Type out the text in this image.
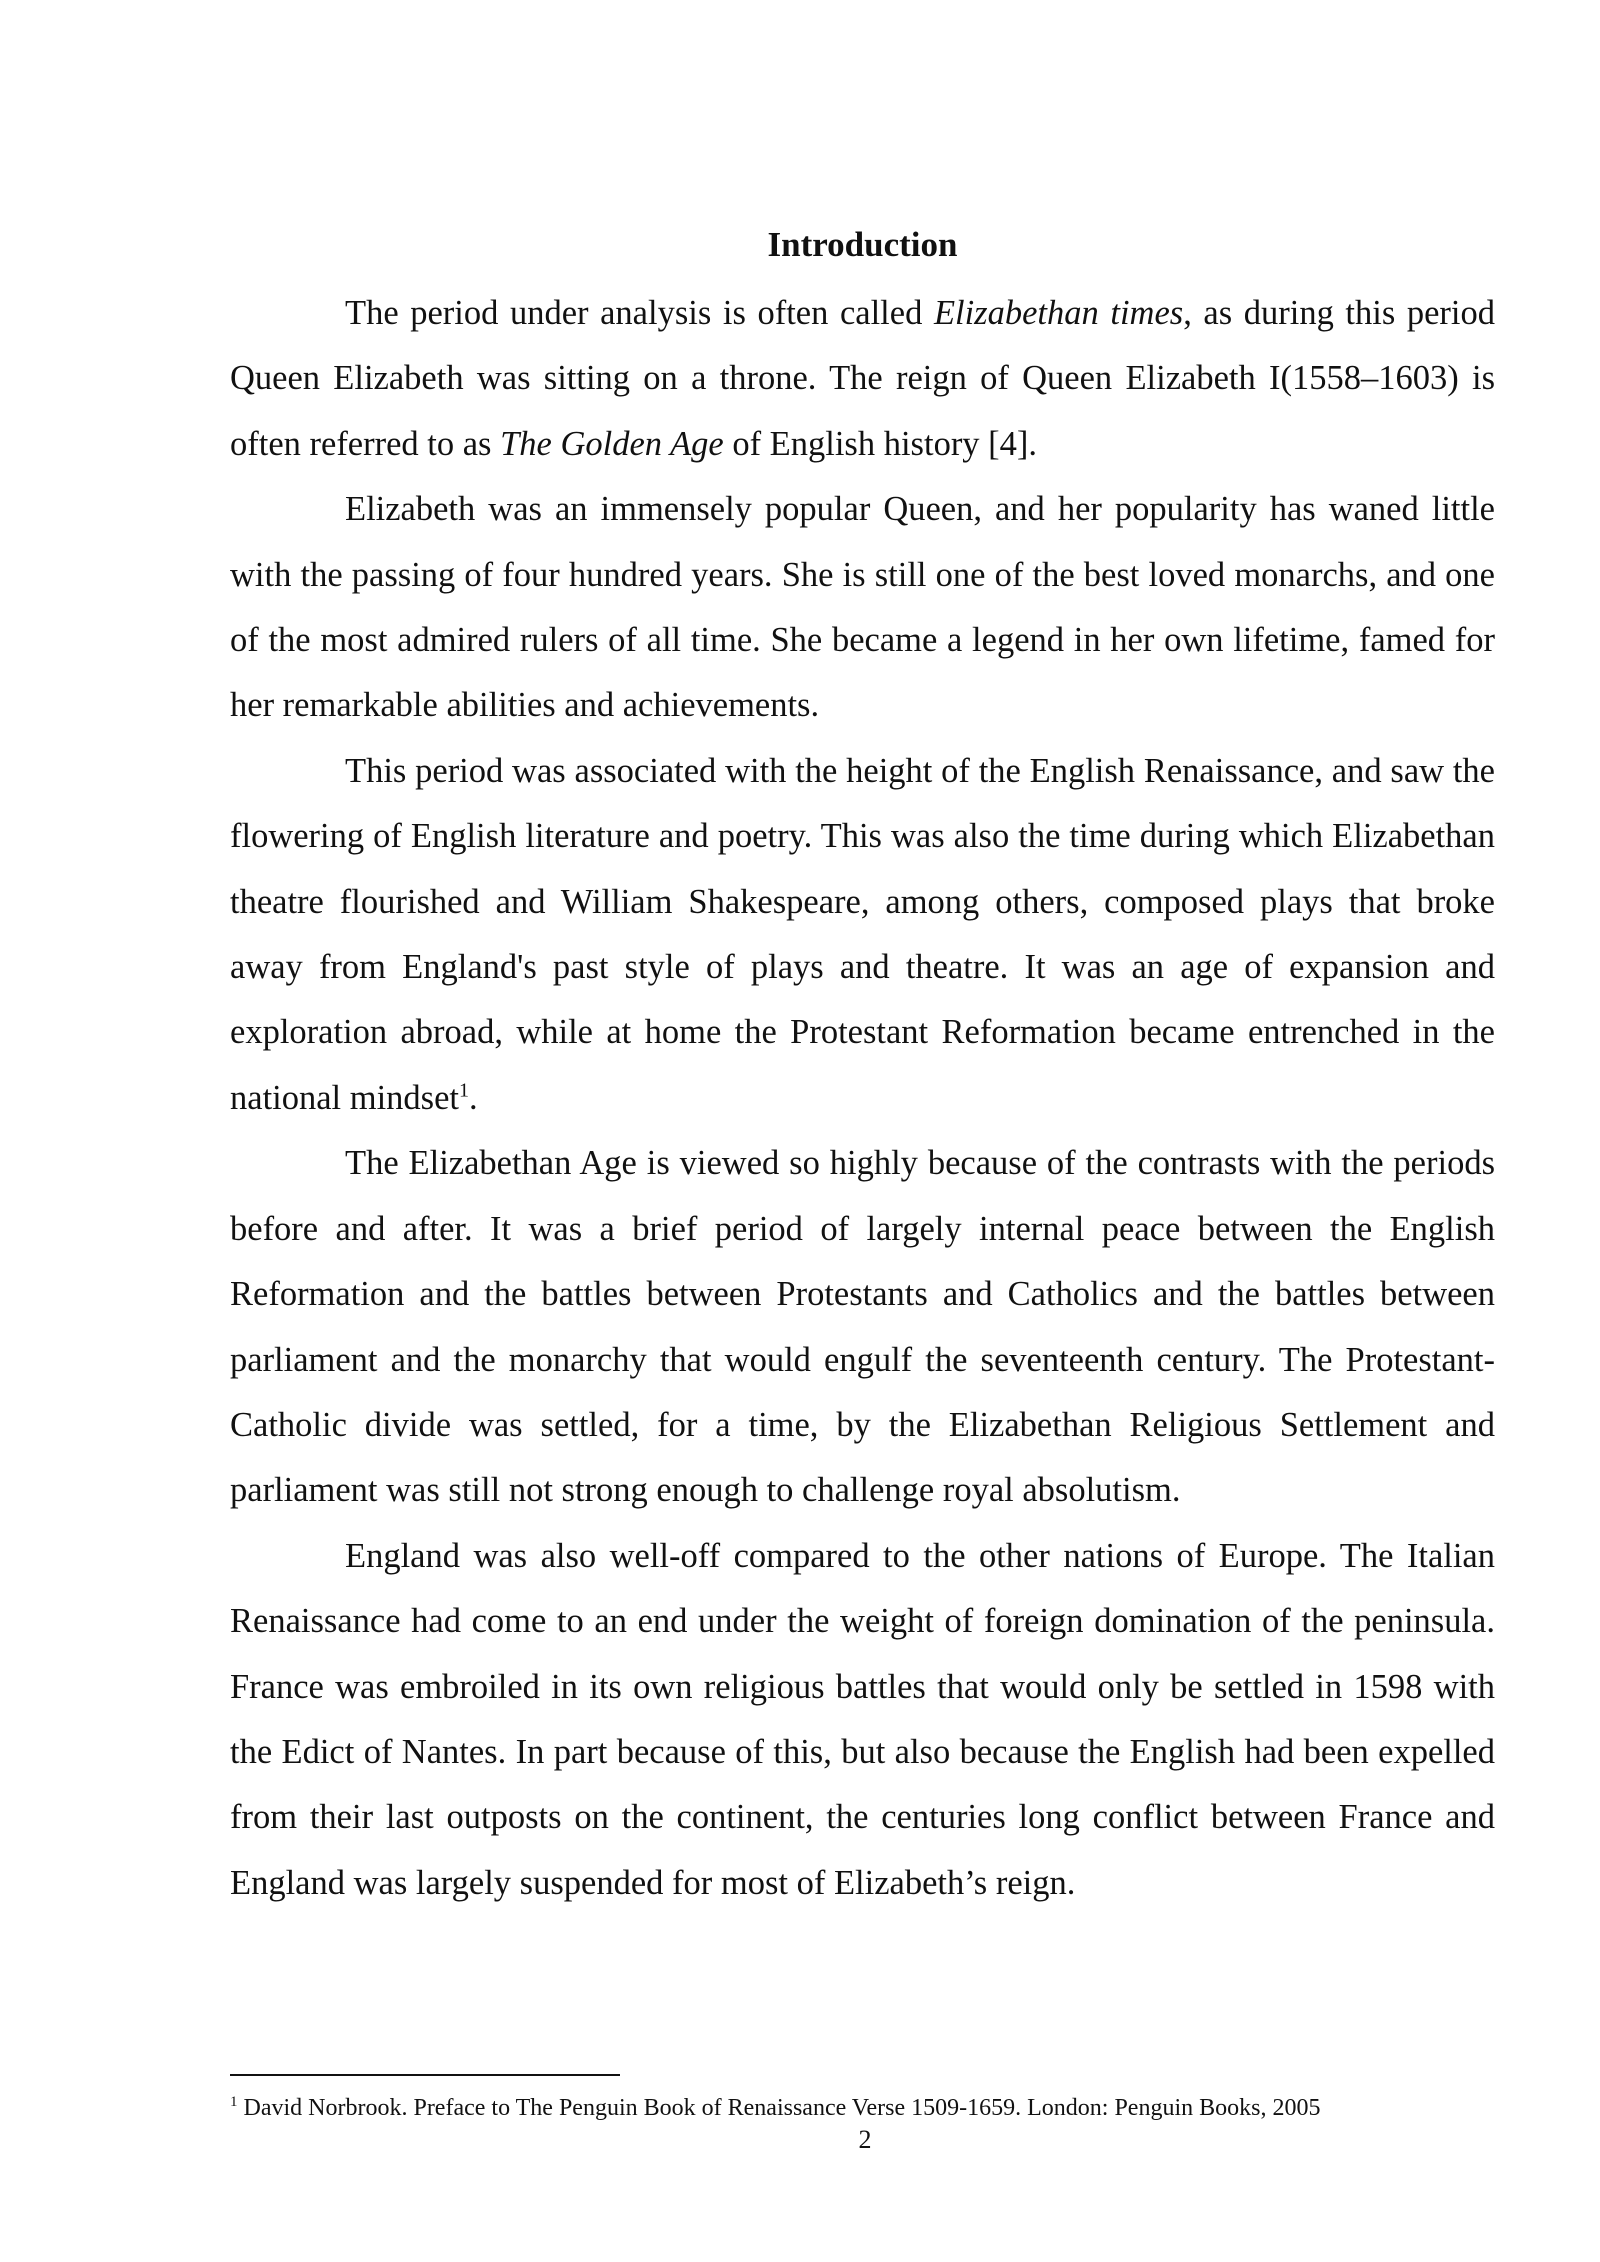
Introduction

The period under analysis is often called Elizabethan times, as during this period Queen Elizabeth was sitting on a throne. The reign of Queen Elizabeth I(1558–1603) is often referred to as The Golden Age of English history [4].

Elizabeth was an immensely popular Queen, and her popularity has waned little with the passing of four hundred years. She is still one of the best loved monarchs, and one of the most admired rulers of all time. She became a legend in her own lifetime, famed for her remarkable abilities and achievements.

This period was associated with the height of the English Renaissance, and saw the flowering of English literature and poetry. This was also the time during which Elizabethan theatre flourished and William Shakespeare, among others, composed plays that broke away from England's past style of plays and theatre. It was an age of expansion and exploration abroad, while at home the Protestant Reformation became entrenched in the national mindset$^1$.

The Elizabethan Age is viewed so highly because of the contrasts with the periods before and after. It was a brief period of largely internal peace between the English Reformation and the battles between Protestants and Catholics and the battles between parliament and the monarchy that would engulf the seventeenth century. The Protestant-Catholic divide was settled, for a time, by the Elizabethan Religious Settlement and parliament was still not strong enough to challenge royal absolutism.

England was also well-off compared to the other nations of Europe. The Italian Renaissance had come to an end under the weight of foreign domination of the peninsula. France was embroiled in its own religious battles that would only be settled in 1598 with the Edict of Nantes. In part because of this, but also because the English had been expelled from their last outposts on the continent, the centuries long conflict between France and England was largely suspended for most of Elizabeth’s reign.

$^1$ David Norbrook. Preface to The Penguin Book of Renaissance Verse 1509-1659. London: Penguin Books, 2005
2
